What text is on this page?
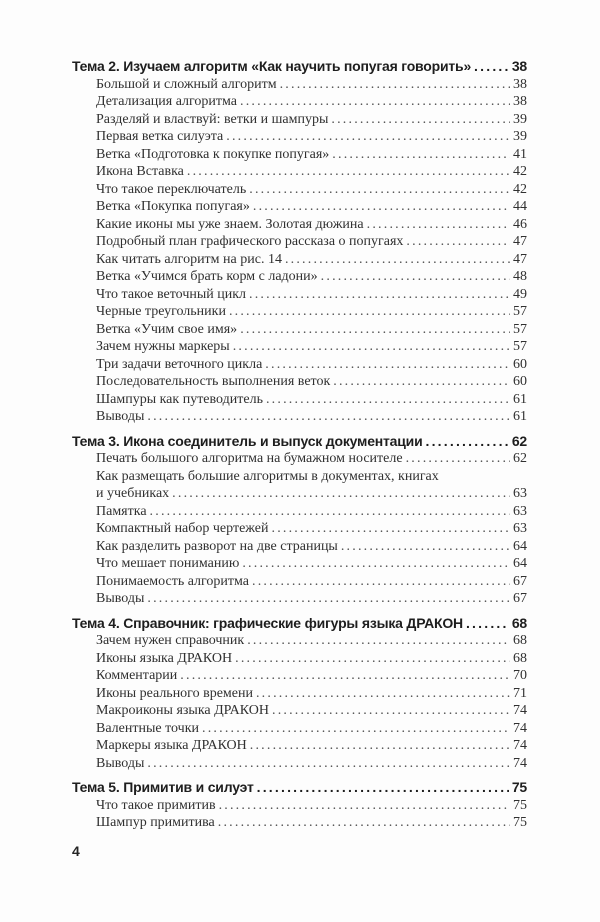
Тема 2. Изучаем алгоритм «Как научить попугая говорить» .....	38
Большой и сложный алгоритм .....	38
Детализация алгоритма .....	38
Разделяй и властвуй: ветки и шампуры .....	39
Первая ветка силуэта .....	39
Ветка «Подготовка к покупке попугая» .....	41
Икона Вставка .....	42
Что такое переключатель .....	42
Ветка «Покупка попугая» .....	44
Какие иконы мы уже знаем. Золотая дюжина .....	46
Подробный план графического рассказа о попугаях .....	47
Как читать алгоритм на рис. 14 .....	47
Ветка «Учимся брать корм с ладони» .....	48
Что такое веточный цикл .....	49
Черные треугольники .....	57
Ветка «Учим свое имя» .....	57
Зачем нужны маркеры .....	57
Три задачи веточного цикла .....	60
Последовательность выполнения веток .....	60
Шампуры как путеводитель .....	61
Выводы .....	61
Тема 3. Икона соединитель и выпуск документации .....	62
Печать большого алгоритма на бумажном носителе .....	62
Как размещать большие алгоритмы в документах, книгах
и учебниках .....	63
Памятка .....	63
Компактный набор чертежей .....	63
Как разделить разворот на две страницы .....	64
Что мешает пониманию .....	64
Понимаемость алгоритма .....	67
Выводы .....	67
Тема 4. Справочник: графические фигуры языка ДРАКОН .....	68
Зачем нужен справочник .....	68
Иконы языка ДРАКОН .....	68
Комментарии .....	70
Иконы реального времени .....	71
Макроиконы языка ДРАКОН .....	74
Валентные точки .....	74
Маркеры языка ДРАКОН .....	74
Выводы .....	74
Тема 5. Примитив и силуэт .....	75
Что такое примитив .....	75
Шампур примитива .....	75
4
